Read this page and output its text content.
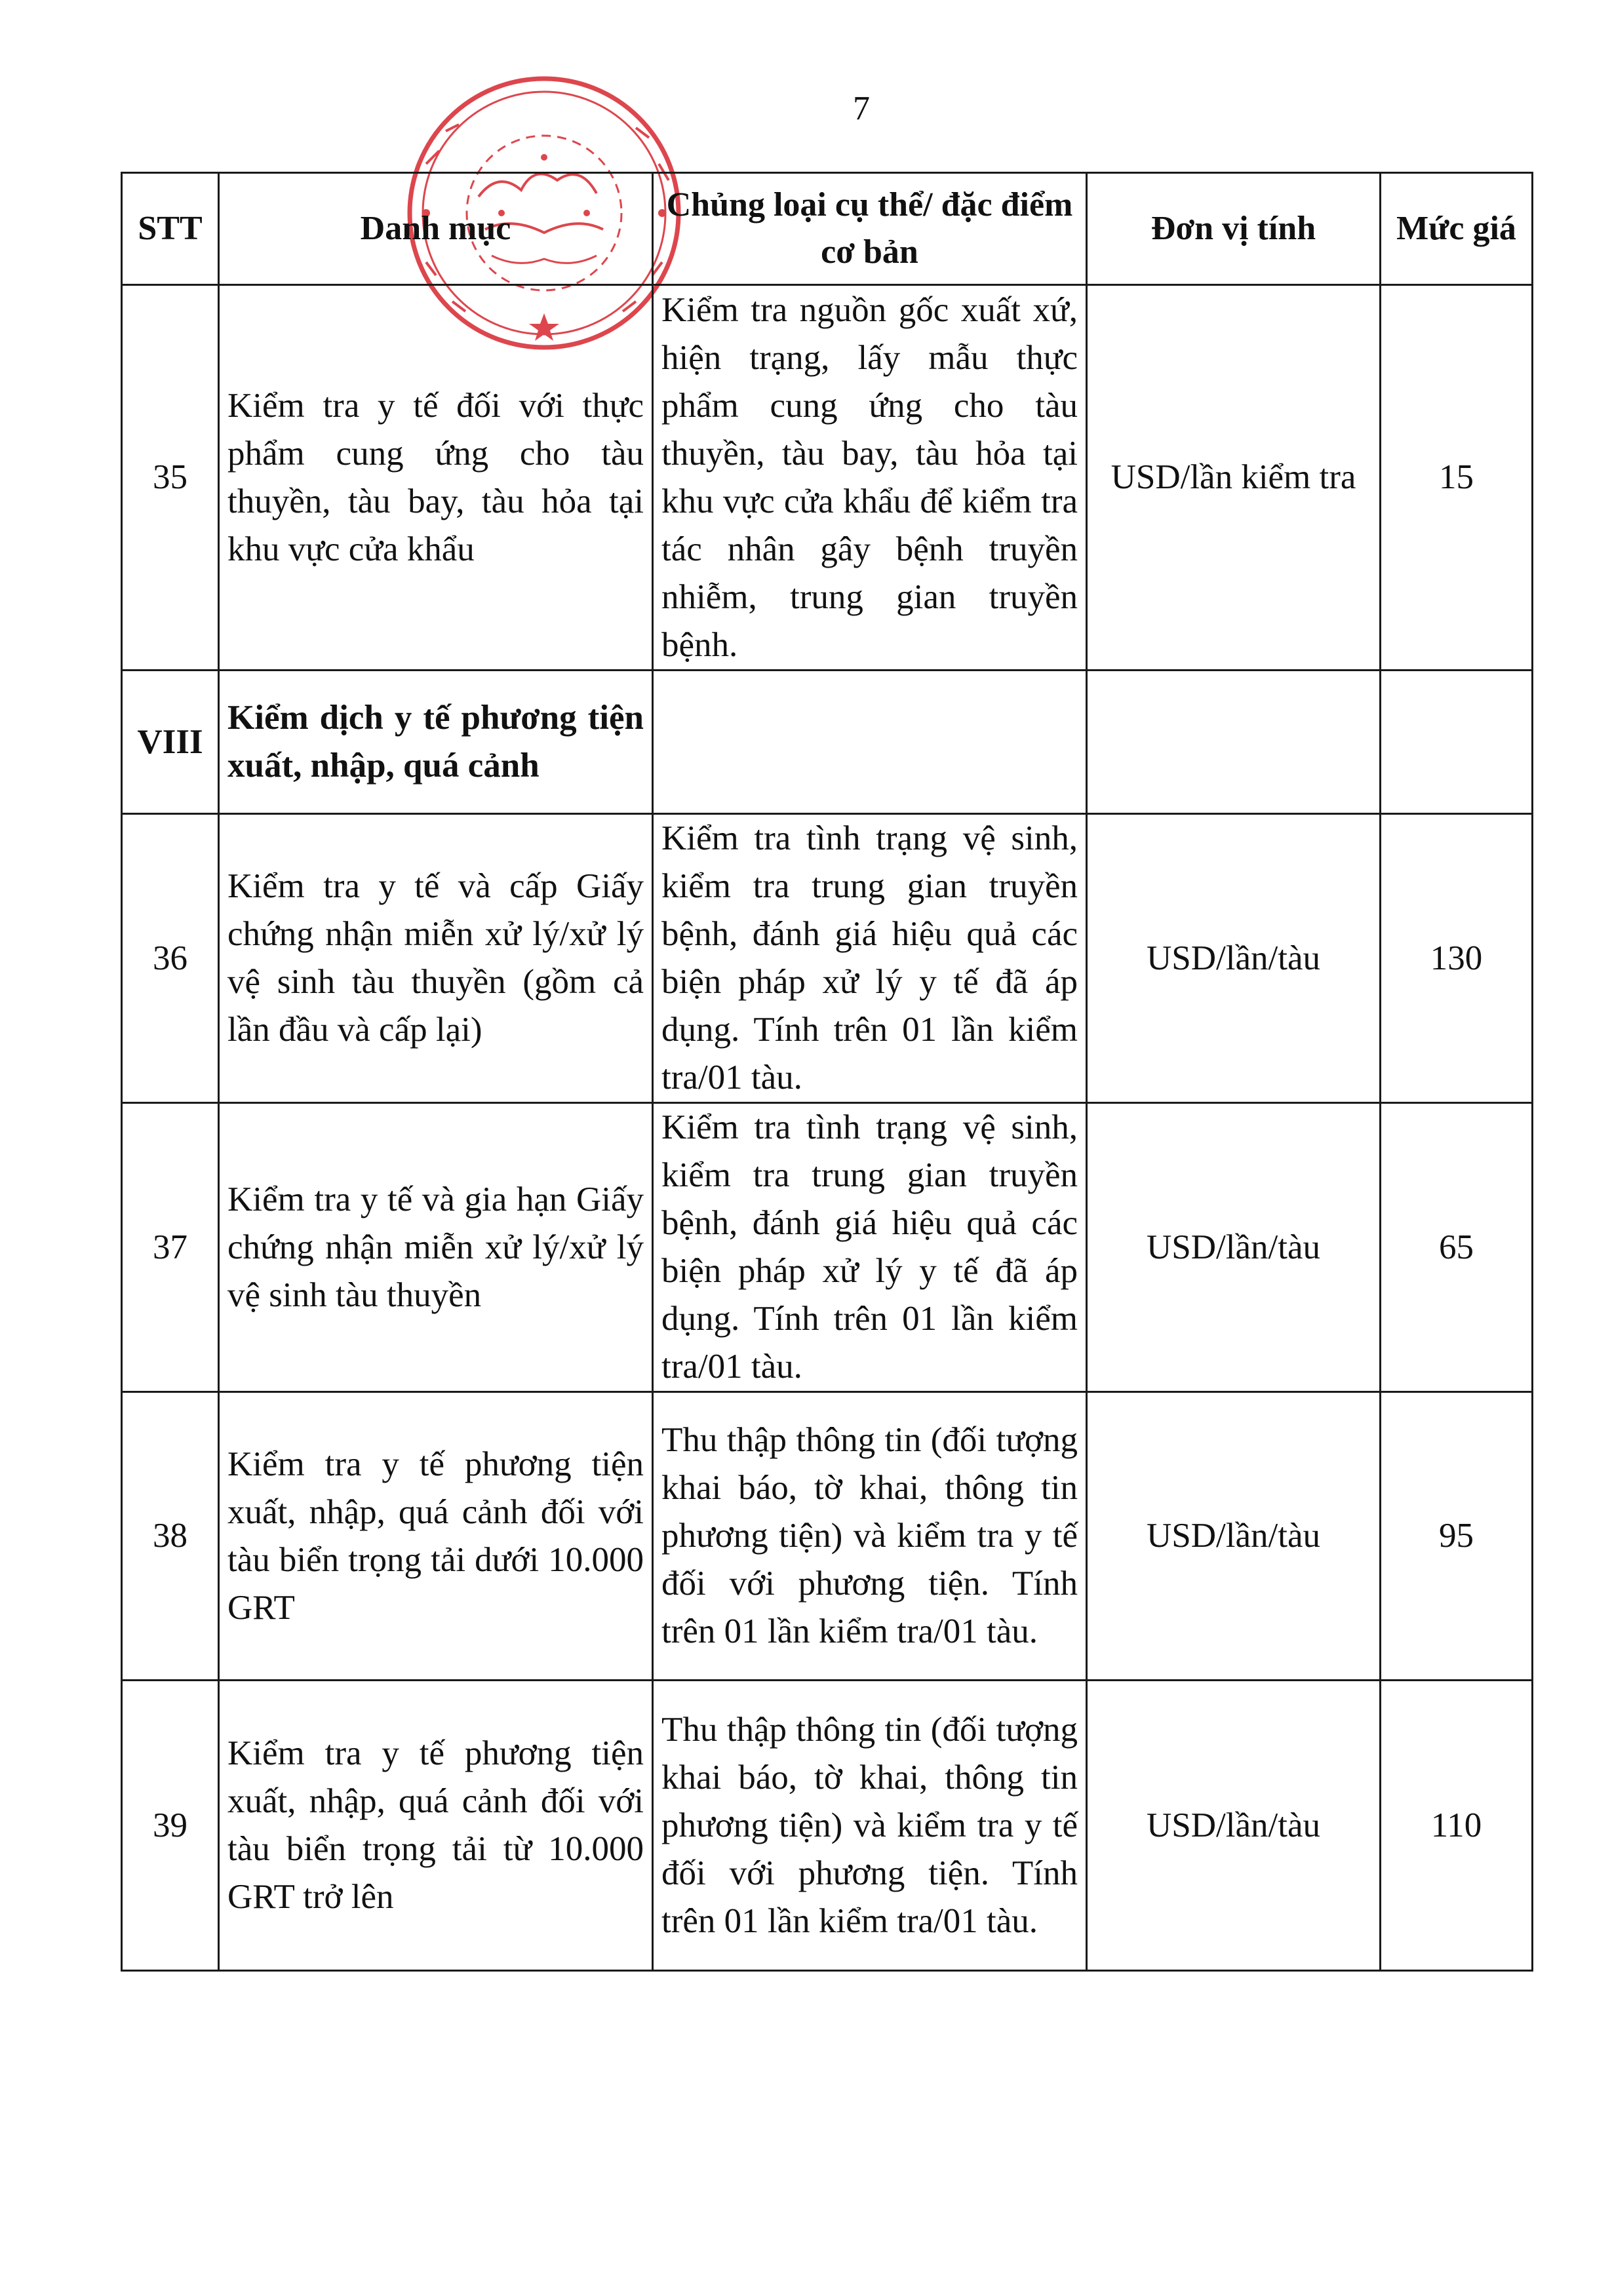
7
STT	Danh mục	Chủng loại cụ thể/ đặc điểm cơ bản	Đơn vị tính	Mức giá
35	Kiểm tra y tế đối với thực phẩm cung ứng cho tàu thuyền, tàu bay, tàu hỏa tại khu vực cửa khẩu	Kiểm tra nguồn gốc xuất xứ, hiện trạng, lấy mẫu thực phẩm cung ứng cho tàu thuyền, tàu bay, tàu hỏa tại khu vực cửa khẩu để kiểm tra tác nhân gây bệnh truyền nhiễm, trung gian truyền bệnh.	USD/lần kiểm tra	15
VIII	Kiểm dịch y tế phương tiện xuất, nhập, quá cảnh			
36	Kiểm tra y tế và cấp Giấy chứng nhận miễn xử lý/xử lý vệ sinh tàu thuyền (gồm cả lần đầu và cấp lại)	Kiểm tra tình trạng vệ sinh, kiểm tra trung gian truyền bệnh, đánh giá hiệu quả các biện pháp xử lý y tế đã áp dụng. Tính trên 01 lần kiểm tra/01 tàu.	USD/lần/tàu	130
37	Kiểm tra y tế và gia hạn Giấy chứng nhận miễn xử lý/xử lý vệ sinh tàu thuyền	Kiểm tra tình trạng vệ sinh, kiểm tra trung gian truyền bệnh, đánh giá hiệu quả các biện pháp xử lý y tế đã áp dụng. Tính trên 01 lần kiểm tra/01 tàu.	USD/lần/tàu	65
38	Kiểm tra y tế phương tiện xuất, nhập, quá cảnh đối với tàu biển trọng tải dưới 10.000 GRT	Thu thập thông tin (đối tượng khai báo, tờ khai, thông tin phương tiện) và kiểm tra y tế đối với phương tiện. Tính trên 01 lần kiểm tra/01 tàu.	USD/lần/tàu	95
39	Kiểm tra y tế phương tiện xuất, nhập, quá cảnh đối với tàu biển trọng tải từ 10.000 GRT trở lên	Thu thập thông tin (đối tượng khai báo, tờ khai, thông tin phương tiện) và kiểm tra y tế đối với phương tiện. Tính trên 01 lần kiểm tra/01 tàu.	USD/lần/tàu	110
